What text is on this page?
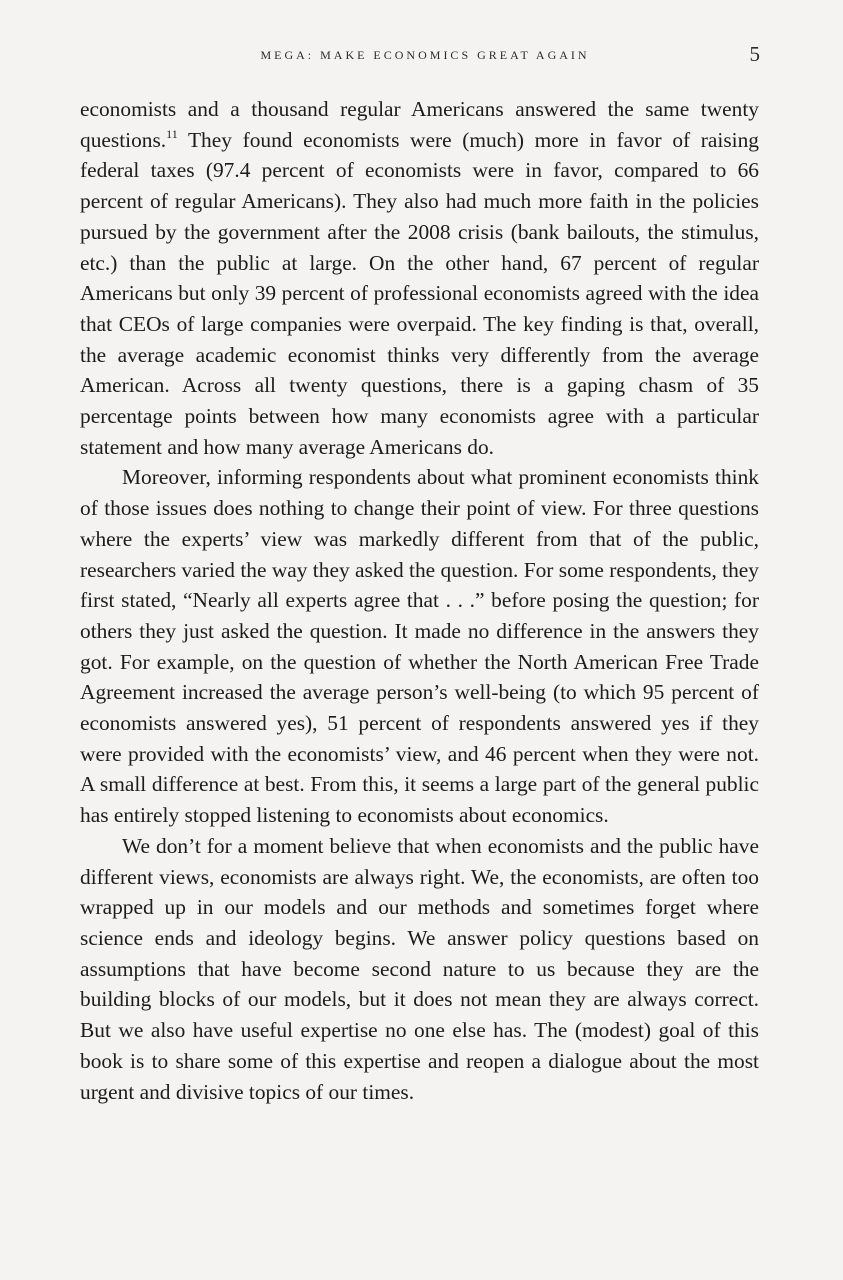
MEGA: MAKE ECONOMICS GREAT AGAIN	5

economists and a thousand regular Americans answered the same twenty questions.$^{11}$ They found economists were (much) more in favor of raising federal taxes (97.4 percent of economists were in favor, compared to 66 percent of regular Americans). They also had much more faith in the policies pursued by the government after the 2008 crisis (bank bailouts, the stimulus, etc.) than the public at large. On the other hand, 67 percent of regular Americans but only 39 percent of professional economists agreed with the idea that CEOs of large companies were overpaid. The key finding is that, overall, the average academic economist thinks very differently from the average American. Across all twenty questions, there is a gaping chasm of 35 percentage points between how many economists agree with a particular statement and how many average Americans do.

Moreover, informing respondents about what prominent economists think of those issues does nothing to change their point of view. For three questions where the experts’ view was markedly different from that of the public, researchers varied the way they asked the question. For some respondents, they first stated, “Nearly all experts agree that . . .” before posing the question; for others they just asked the question. It made no difference in the answers they got. For example, on the question of whether the North American Free Trade Agreement increased the average person’s well-being (to which 95 percent of economists answered yes), 51 percent of respondents answered yes if they were provided with the economists’ view, and 46 percent when they were not. A small difference at best. From this, it seems a large part of the general public has entirely stopped listening to economists about economics.

We don’t for a moment believe that when economists and the public have different views, economists are always right. We, the economists, are often too wrapped up in our models and our methods and sometimes forget where science ends and ideology begins. We answer policy questions based on assumptions that have become second nature to us because they are the building blocks of our models, but it does not mean they are always correct. But we also have useful expertise no one else has. The (modest) goal of this book is to share some of this expertise and reopen a dialogue about the most urgent and divisive topics of our times.
